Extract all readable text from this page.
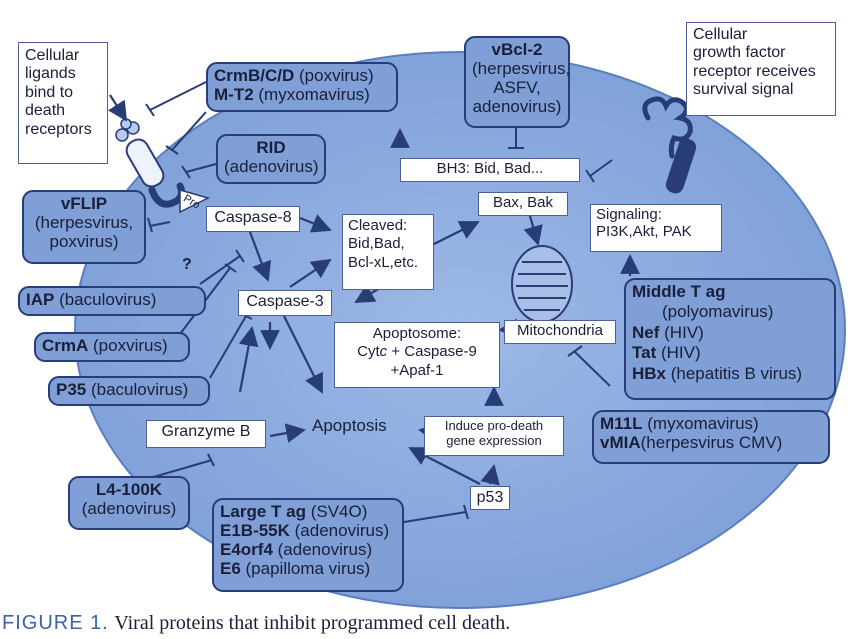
Cellular
ligands
bind to
death
receptors
Cellular
growth factor
receptor receives
survival signal
CrmB/C/D (poxvirus)
M-T2 (myxomavirus)
RID
(adenovirus)
vBcl-2
(herpesvirus,
ASFV,
adenovirus)
vFLIP
(herpesvirus,
poxvirus)
IAP (baculovirus)
CrmA (poxvirus)
P35 (baculovirus)
L4-100K
(adenovirus)	Large T ag (SV4O)
E1B-55K (adenovirus)
E4orf4 (adenovirus)
E6 (papilloma virus)
Middle T ag
(polyomavirus)
Nef (HIV)
Tat (HIV)
HBx (hepatitis B virus)
M11L (myxomavirus)
vMIA(herpesvirus CMV)
Pro
Caspase-8
Caspase-3
Cleaved:
Bid,Bad,
Bcl-xL,etc.
BH3: Bid, Bad...
Bax, Bak
Signaling:
PI3K,Akt, PAK
Mitochondria
Apoptosome:
Cytc + Caspase-9
+Apaf-1
Granzyme B	Apoptosis	Induce pro-death
gene expression
p53
?
FIGURE 1. Viral proteins that inhibit programmed cell death.
